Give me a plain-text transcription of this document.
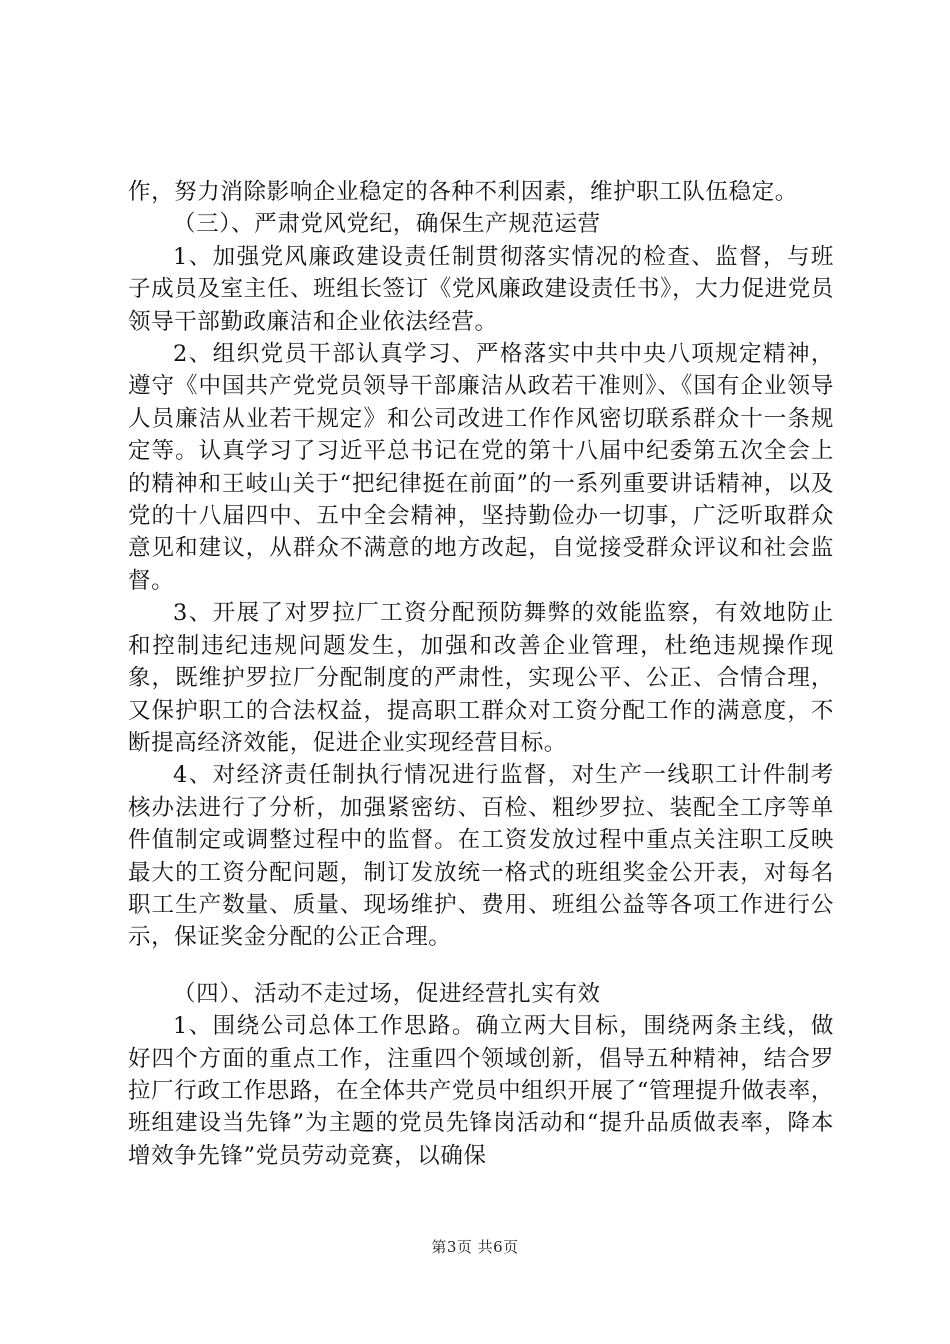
作，努力消除影响企业稳定的各种不利因素，维护职工队伍稳定。

（三）、严肃党风党纪，确保生产规范运营

1、加强党风廉政建设责任制贯彻落实情况的检查、监督，与班子成员及室主任、班组长签订《党风廉政建设责任书》，大力促进党员领导干部勤政廉洁和企业依法经营。

2、组织党员干部认真学习、严格落实中共中央八项规定精神，遵守《中国共产党党员领导干部廉洁从政若干准则》、《国有企业领导人员廉洁从业若干规定》和公司改进工作作风密切联系群众十一条规定等。认真学习了习近平总书记在党的第十八届中纪委第五次全会上的精神和王岐山关于“把纪律挺在前面”的一系列重要讲话精神，以及党的十八届四中、五中全会精神，坚持勤俭办一切事，广泛听取群众意见和建议，从群众不满意的地方改起，自觉接受群众评议和社会监督。

3、开展了对罗拉厂工资分配预防舞弊的效能监察，有效地防止和控制违纪违规问题发生，加强和改善企业管理，杜绝违规操作现象，既维护罗拉厂分配制度的严肃性，实现公平、公正、合情合理，又保护职工的合法权益，提高职工群众对工资分配工作的满意度，不断提高经济效能，促进企业实现经营目标。

4、对经济责任制执行情况进行监督，对生产一线职工计件制考核办法进行了分析，加强紧密纺、百检、粗纱罗拉、装配全工序等单件值制定或调整过程中的监督。在工资发放过程中重点关注职工反映最大的工资分配问题，制订发放统一格式的班组奖金公开表，对每名职工生产数量、质量、现场维护、费用、班组公益等各项工作进行公示，保证奖金分配的公正合理。

（四）、活动不走过场，促进经营扎实有效

1、围绕公司总体工作思路。确立两大目标，围绕两条主线，做好四个方面的重点工作，注重四个领域创新，倡导五种精神，结合罗拉厂行政工作思路，在全体共产党员中组织开展了“管理提升做表率，班组建设当先锋”为主题的党员先锋岗活动和“提升品质做表率，降本增效争先锋”党员劳动竞赛，以确保

第3页 共6页
